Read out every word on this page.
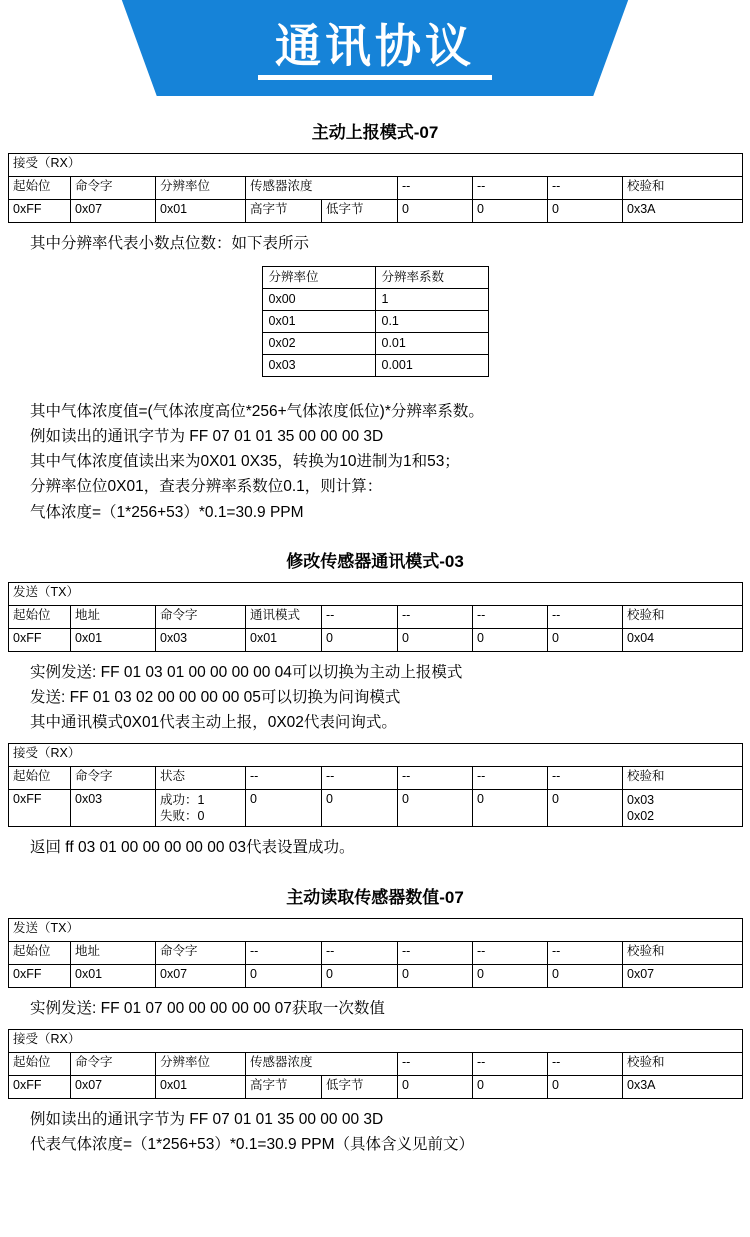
通讯协议
主动上报模式-07
接受（RX）								
起始位	命令字	分辨率位	传感器浓度		--	--	--	校验和
0xFF	0x07	0x01	高字节	低字节	0	0	0	0x3A
其中分辨率代表小数点位数：如下表所示
分辨率位	分辨率系数
0x00	1
0x01	0.1
0x02	0.01
0x03	0.001
其中气体浓度值=(气体浓度高位*256+气体浓度低位)*分辨率系数。
例如读出的通讯字节为 FF 07 01 01 35 00 00 00 3D
其中气体浓度值读出来为0X01 0X35，转换为10进制为1和53；
分辨率位位0X01，查表分辨率系数位0.1，则计算：
气体浓度=（1*256+53）*0.1=30.9 PPM
修改传感器通讯模式-03
发送（TX）								
起始位	地址	命令字	通讯模式	--	--	--	--	校验和
0xFF	0x01	0x03	0x01	0	0	0	0	0x04
实例发送: FF 01 03 01 00 00 00 00 04可以切换为主动上报模式
发送: FF 01 03 02 00 00 00 00 05可以切换为问询模式
其中通讯模式0X01代表主动上报，0X02代表问询式。
接受（RX）								
起始位	命令字	状态	--	--	--	--	--	校验和
0xFF	0x03	成功：1
失败：0
	0	0	0	0	0	0x03
0x02
返回 ff 03 01 00 00 00 00 00 03代表设置成功。
主动读取传感器数值-07
发送（TX）								
起始位	地址	命令字	--	--	--	--	--	校验和
0xFF	0x01	0x07	0	0	0	0	0	0x07
实例发送: FF 01 07 00 00 00 00 00 07获取一次数值
接受（RX）								
起始位	命令字	分辨率位	传感器浓度		--	--	--	校验和
0xFF	0x07	0x01	高字节	低字节	0	0	0	0x3A
例如读出的通讯字节为 FF 07 01 01 35 00 00 00 3D
代表气体浓度=（1*256+53）*0.1=30.9 PPM（具体含义见前文）
